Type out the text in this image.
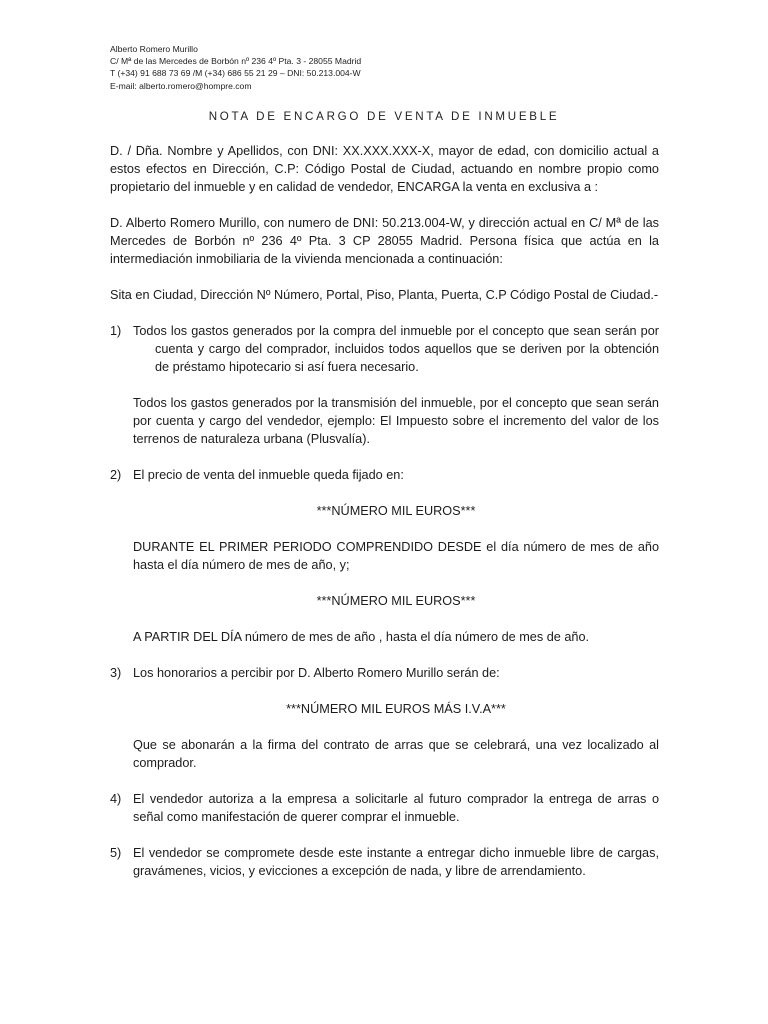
Alberto Romero Murillo
C/ Mª de las Mercedes de Borbón nº 236 4º Pta. 3 - 28055 Madrid
T (+34) 91 688 73 69 /M (+34) 686 55 21 29 – DNI: 50.213.004-W
E-mail: alberto.romero@hompre.com
NOTA DE ENCARGO DE VENTA DE INMUEBLE

D. / Dña. Nombre y Apellidos, con DNI: XX.XXX.XXX-X, mayor de edad, con domicilio actual a estos efectos en Dirección, C.P: Código Postal de Ciudad, actuando en nombre propio como propietario del inmueble y en calidad de vendedor, ENCARGA la venta en exclusiva a :

D. Alberto Romero Murillo, con numero de DNI: 50.213.004-W, y dirección actual en C/ Mª de las Mercedes de Borbón nº 236 4º Pta. 3 CP 28055 Madrid. Persona física que actúa en la intermediación inmobiliaria de la vivienda mencionada a continuación:

Sita en Ciudad, Dirección Nº Número, Portal, Piso, Planta, Puerta, C.P Código Postal de Ciudad.-

1) Todos los gastos generados por la compra del inmueble por el concepto que sean serán por cuenta y cargo del comprador, incluidos todos aquellos que se deriven por la obtención de préstamo hipotecario si así fuera necesario.
Todos los gastos generados por la transmisión del inmueble, por el concepto que sean serán por cuenta y cargo del vendedor, ejemplo: El Impuesto sobre el incremento del valor de los terrenos de naturaleza urbana (Plusvalía).
2) El precio de venta del inmueble queda fijado en:
***NÚMERO MIL EUROS***
DURANTE EL PRIMER PERIODO COMPRENDIDO DESDE el día número de mes de año hasta el día número de mes de año, y;
***NÚMERO MIL EUROS***
A PARTIR DEL DÍA número de mes de año , hasta el día número de mes de año.
3) Los honorarios a percibir por D. Alberto Romero Murillo serán de:
***NÚMERO MIL EUROS MÁS I.V.A***
Que se abonarán a la firma del contrato de arras que se celebrará, una vez localizado al comprador.
4) El vendedor autoriza a la empresa a solicitarle al futuro comprador la entrega de arras o señal como manifestación de querer comprar el inmueble.
5) El vendedor se compromete desde este instante a entregar dicho inmueble libre de cargas, gravámenes, vicios, y evicciones a excepción de nada, y libre de arrendamiento.
